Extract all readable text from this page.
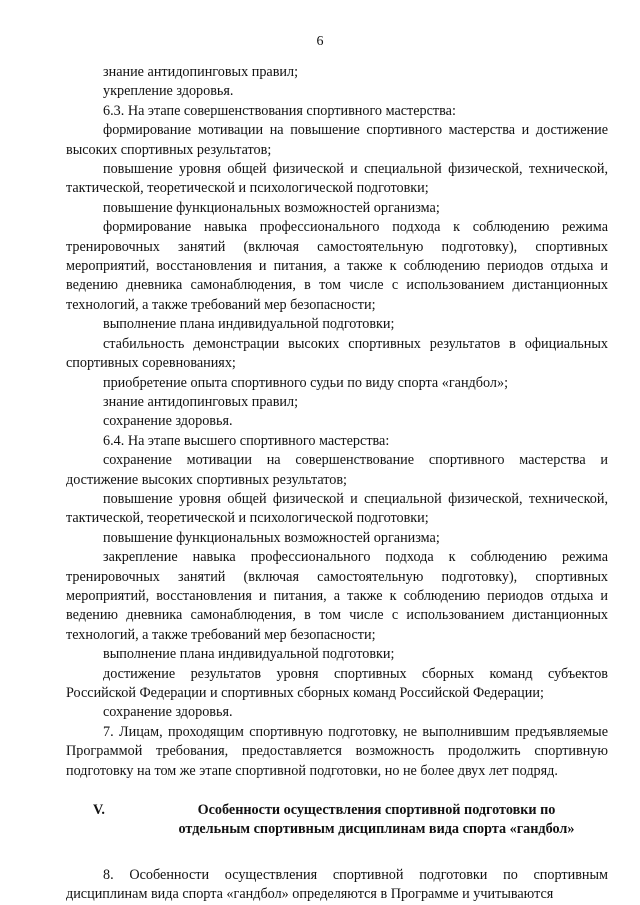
6

знание антидопинговых правил;

укрепление здоровья.

6.3. На этапе совершенствования спортивного мастерства:

формирование мотивации на повышение спортивного мастерства и достижение высоких спортивных результатов;

повышение уровня общей физической и специальной физической, технической, тактической, теоретической и психологической подготовки;

повышение функциональных возможностей организма;

формирование навыка профессионального подхода к соблюдению режима тренировочных занятий (включая самостоятельную подготовку), спортивных мероприятий, восстановления и питания, а также к соблюдению периодов отдыха и ведению дневника самонаблюдения, в том числе с использованием дистанционных технологий, а также требований мер безопасности;

выполнение плана индивидуальной подготовки;

стабильность демонстрации высоких спортивных результатов в официальных спортивных соревнованиях;

приобретение опыта спортивного судьи по виду спорта «гандбол»;

знание антидопинговых правил;

сохранение здоровья.

6.4. На этапе высшего спортивного мастерства:

сохранение мотивации на совершенствование спортивного мастерства и достижение высоких спортивных результатов;

повышение уровня общей физической и специальной физической, технической, тактической, теоретической и психологической подготовки;

повышение функциональных возможностей организма;

закрепление навыка профессионального подхода к соблюдению режима тренировочных занятий (включая самостоятельную подготовку), спортивных мероприятий, восстановления и питания, а также к соблюдению периодов отдыха и ведению дневника самонаблюдения, в том числе с использованием дистанционных технологий, а также требований мер безопасности;

выполнение плана индивидуальной подготовки;

достижение результатов уровня спортивных сборных команд субъектов Российской Федерации и спортивных сборных команд Российской Федерации;

сохранение здоровья.

7. Лицам, проходящим спортивную подготовку, не выполнившим предъявляемые Программой требования, предоставляется возможность продолжить спортивную подготовку на том же этапе спортивной подготовки, но не более двух лет подряд.

V.	Особенности осуществления спортивной подготовки по отдельным спортивным дисциплинам вида спорта «гандбол»

8. Особенности осуществления спортивной подготовки по спортивным дисциплинам вида спорта «гандбол» определяются в Программе и учитываются
